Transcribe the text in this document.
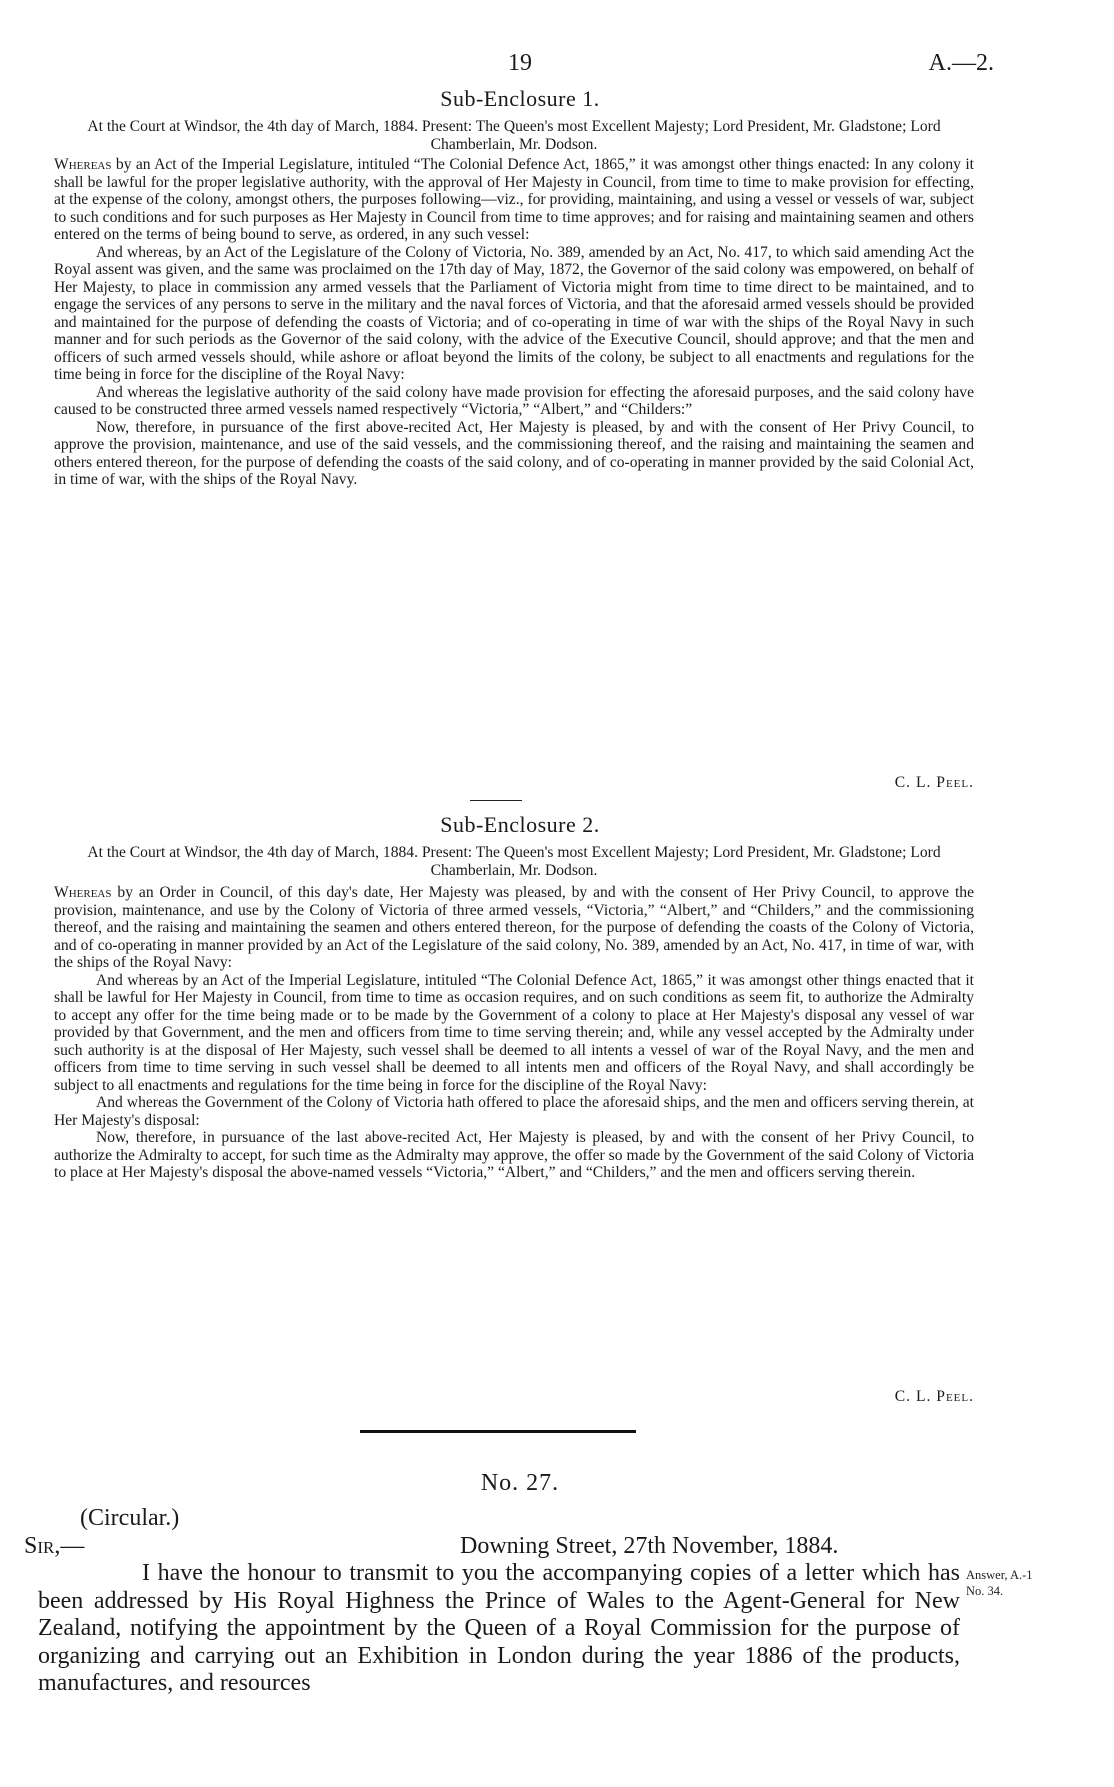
19	A.—2.
Sub-Enclosure 1.
At the Court at Windsor, the 4th day of March, 1884. Present: The Queen's most Excellent Majesty; Lord President, Mr. Gladstone; Lord Chamberlain, Mr. Dodson.

Whereas by an Act of the Imperial Legislature, intituled “The Colonial Defence Act, 1865,” it was amongst other things enacted: In any colony it shall be lawful for the proper legislative authority, with the approval of Her Majesty in Council, from time to time to make provision for effecting, at the expense of the colony, amongst others, the purposes following—viz., for providing, maintaining, and using a vessel or vessels of war, subject to such conditions and for such purposes as Her Majesty in Council from time to time approves; and for raising and maintaining seamen and others entered on the terms of being bound to serve, as ordered, in any such vessel:

And whereas, by an Act of the Legislature of the Colony of Victoria, No. 389, amended by an Act, No. 417, to which said amending Act the Royal assent was given, and the same was proclaimed on the 17th day of May, 1872, the Governor of the said colony was empowered, on behalf of Her Majesty, to place in commission any armed vessels that the Parliament of Victoria might from time to time direct to be maintained, and to engage the services of any persons to serve in the military and the naval forces of Victoria, and that the aforesaid armed vessels should be provided and maintained for the purpose of defending the coasts of Victoria; and of co-operating in time of war with the ships of the Royal Navy in such manner and for such periods as the Governor of the said colony, with the advice of the Executive Council, should approve; and that the men and officers of such armed vessels should, while ashore or afloat beyond the limits of the colony, be subject to all enactments and regulations for the time being in force for the discipline of the Royal Navy:

And whereas the legislative authority of the said colony have made provision for effecting the aforesaid purposes, and the said colony have caused to be constructed three armed vessels named respectively “Victoria,” “Albert,” and “Childers:”

Now, therefore, in pursuance of the first above-recited Act, Her Majesty is pleased, by and with the consent of Her Privy Council, to approve the provision, maintenance, and use of the said vessels, and the commissioning thereof, and the raising and maintaining the seamen and others entered thereon, for the purpose of defending the coasts of the said colony, and of co-operating in manner provided by the said Colonial Act, in time of war, with the ships of the Royal Navy.

C. L. Peel.
Sub-Enclosure 2.
At the Court at Windsor, the 4th day of March, 1884. Present: The Queen's most Excellent Majesty; Lord President, Mr. Gladstone; Lord Chamberlain, Mr. Dodson.

Whereas by an Order in Council, of this day's date, Her Majesty was pleased, by and with the consent of Her Privy Council, to approve the provision, maintenance, and use by the Colony of Victoria of three armed vessels, “Victoria,” “Albert,” and “Childers,” and the commissioning thereof, and the raising and maintaining the seamen and others entered thereon, for the purpose of defending the coasts of the Colony of Victoria, and of co-operating in manner provided by an Act of the Legislature of the said colony, No. 389, amended by an Act, No. 417, in time of war, with the ships of the Royal Navy:

And whereas by an Act of the Imperial Legislature, intituled “The Colonial Defence Act, 1865,” it was amongst other things enacted that it shall be lawful for Her Majesty in Council, from time to time as occasion requires, and on such conditions as seem fit, to authorize the Admiralty to accept any offer for the time being made or to be made by the Government of a colony to place at Her Majesty's disposal any vessel of war provided by that Government, and the men and officers from time to time serving therein; and, while any vessel accepted by the Admiralty under such authority is at the disposal of Her Majesty, such vessel shall be deemed to all intents a vessel of war of the Royal Navy, and the men and officers from time to time serving in such vessel shall be deemed to all intents men and officers of the Royal Navy, and shall accordingly be subject to all enactments and regulations for the time being in force for the discipline of the Royal Navy:

And whereas the Government of the Colony of Victoria hath offered to place the aforesaid ships, and the men and officers serving therein, at Her Majesty's disposal:

Now, therefore, in pursuance of the last above-recited Act, Her Majesty is pleased, by and with the consent of her Privy Council, to authorize the Admiralty to accept, for such time as the Admiralty may approve, the offer so made by the Government of the said Colony of Victoria to place at Her Majesty's disposal the above-named vessels “Victoria,” “Albert,” and “Childers,” and the men and officers serving therein.

C. L. Peel.
No. 27.
(Circular.)
Sir,—	Downing Street, 27th November, 1884.

I have the honour to transmit to you the accompanying copies of a letter which has been addressed by His Royal Highness the Prince of Wales to the Agent-General for New Zealand, notifying the appointment by the Queen of a Royal Commission for the purpose of organizing and carrying out an Exhibition in London during the year 1886 of the products, manufactures, and resources

Answer, A.-1
No. 34.
